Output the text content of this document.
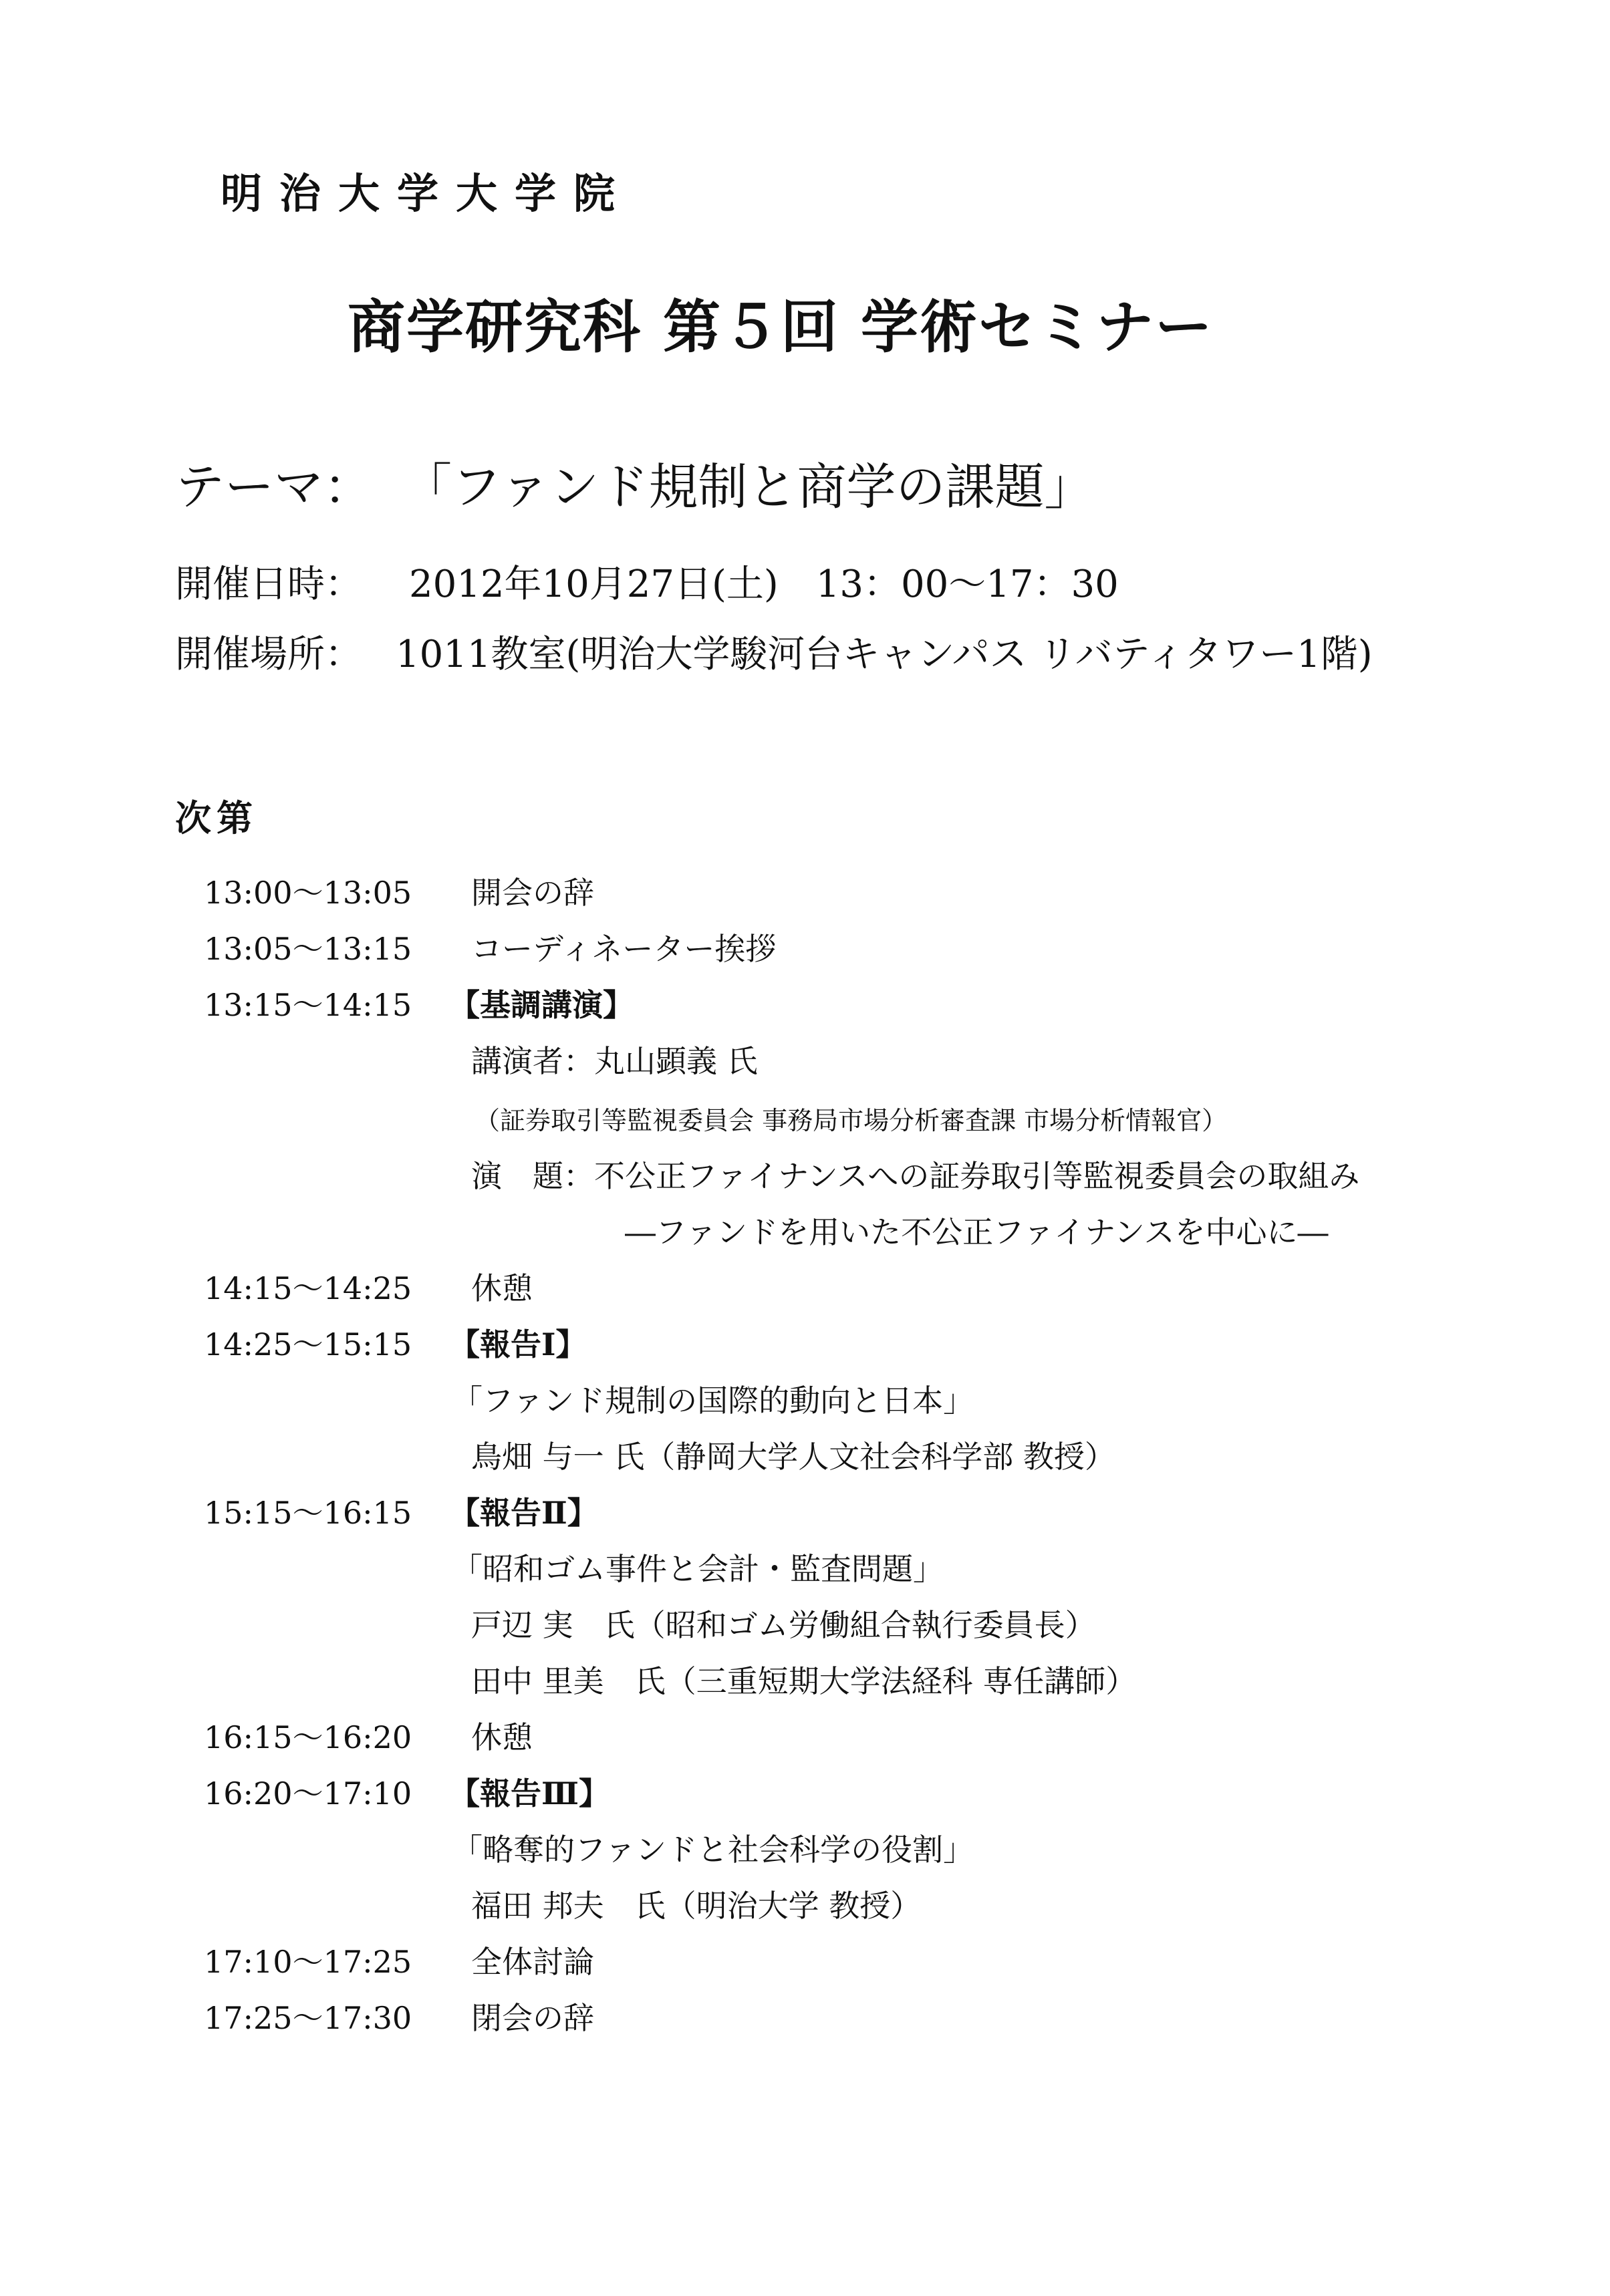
明治大学大学院
商学研究科 第５回 学術セミナー
テーマ： 「ファンド規制と商学の課題」
開催日時： 2012年10月27日(土)　13：00〜17：30
開催場所： 1011教室(明治大学駿河台キャンパス リバティタワー1階)
次第
13:00〜13:05 開会の辞
13:05〜13:15 コーディネーター挨拶
13:15〜14:15 【基調講演】
講演者：丸山顕義 氏
（証券取引等監視委員会 事務局市場分析審査課 市場分析情報官）
演　題：不公正ファイナンスへの証券取引等監視委員会の取組み
―ファンドを用いた不公正ファイナンスを中心に―
14:15〜14:25 休憩
14:25〜15:15 【報告Ⅰ】
「ファンド規制の国際的動向と日本」
鳥畑 与一 氏（静岡大学人文社会科学部 教授）
15:15〜16:15 【報告Ⅱ】
「昭和ゴム事件と会計・監査問題」
戸辺 実　氏（昭和ゴム労働組合執行委員長）
田中 里美　氏（三重短期大学法経科 専任講師）
16:15〜16:20 休憩
16:20〜17:10 【報告Ⅲ】
「略奪的ファンドと社会科学の役割」
福田 邦夫　氏（明治大学 教授）
17:10〜17:25 全体討論
17:25〜17:30 閉会の辞
